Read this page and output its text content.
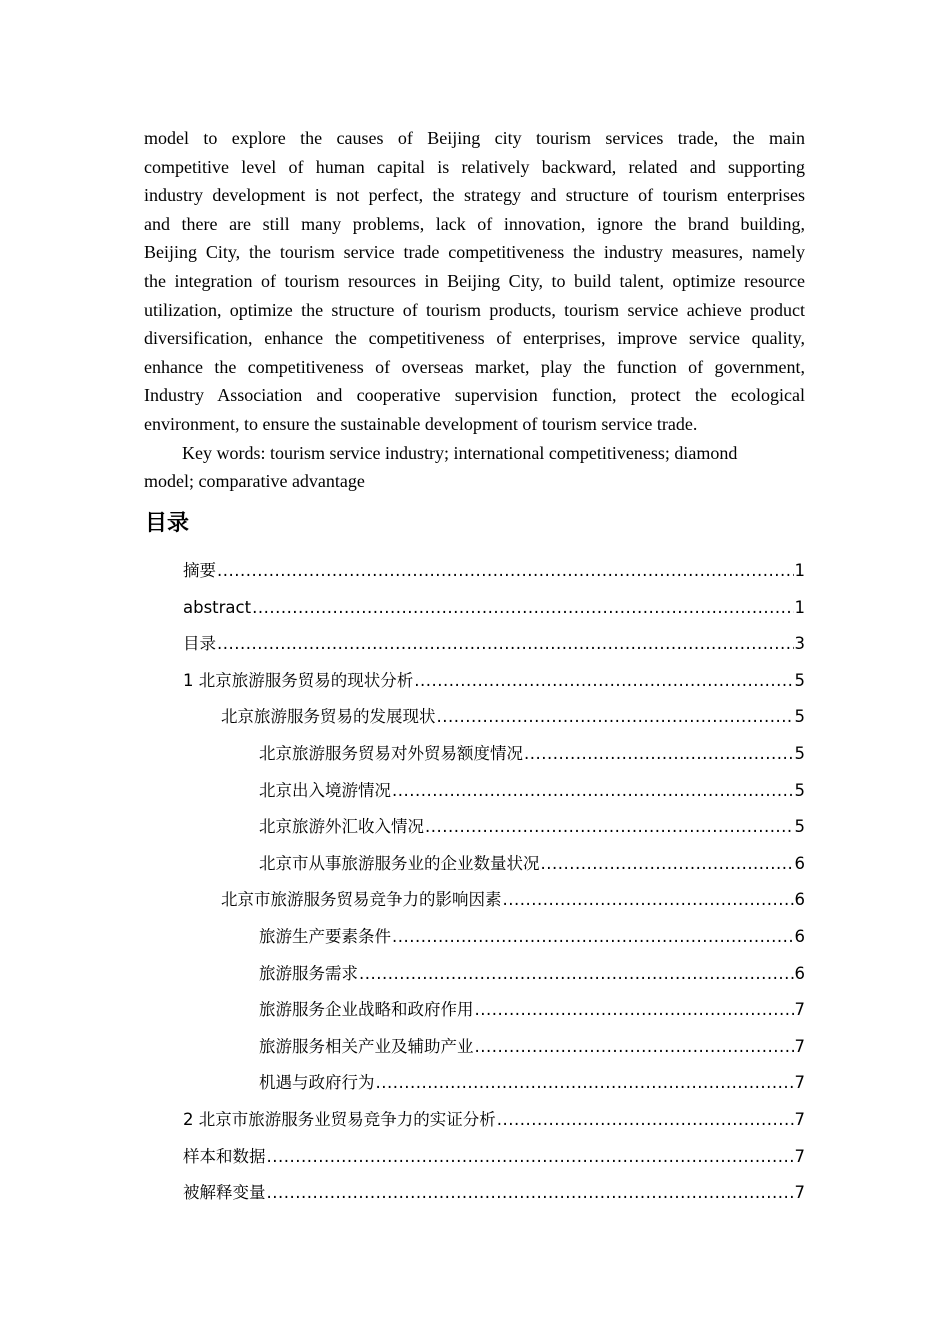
model to explore the causes of Beijing city tourism services trade, the main
competitive level of human capital is relatively backward, related and supporting
industry development is not perfect, the strategy and structure of tourism enterprises
and there are still many problems, lack of innovation, ignore the brand building,
Beijing City, the tourism service trade competitiveness the industry measures, namely
the integration of tourism resources in Beijing City, to build talent, optimize resource
utilization, optimize the structure of tourism products, tourism service achieve product
diversification, enhance the competitiveness of enterprises, improve service quality,
enhance the competitiveness of overseas market, play the function of government,
Industry Association and cooperative supervision function, protect the ecological
environment, to ensure the sustainable development of tourism service trade.
Key words: tourism service industry; international competitiveness; diamond
model; comparative advantage
目录
摘要 .....	1
abstract .....	1
目录 .....	3
1 北京旅游服务贸易的现状分析 .....	5
北京旅游服务贸易的发展现状 .....	5
北京旅游服务贸易对外贸易额度情况 .....	5
北京出入境游情况 .....	5
北京旅游外汇收入情况 .....	5
北京市从事旅游服务业的企业数量状况 .....	6
北京市旅游服务贸易竞争力的影响因素 .....	6
旅游生产要素条件 .....	6
旅游服务需求 .....	6
旅游服务企业战略和政府作用 .....	7
旅游服务相关产业及辅助产业 .....	7
机遇与政府行为 .....	7
2 北京市旅游服务业贸易竞争力的实证分析 .....	7
样本和数据 .....	7
被解释变量 .....	7
